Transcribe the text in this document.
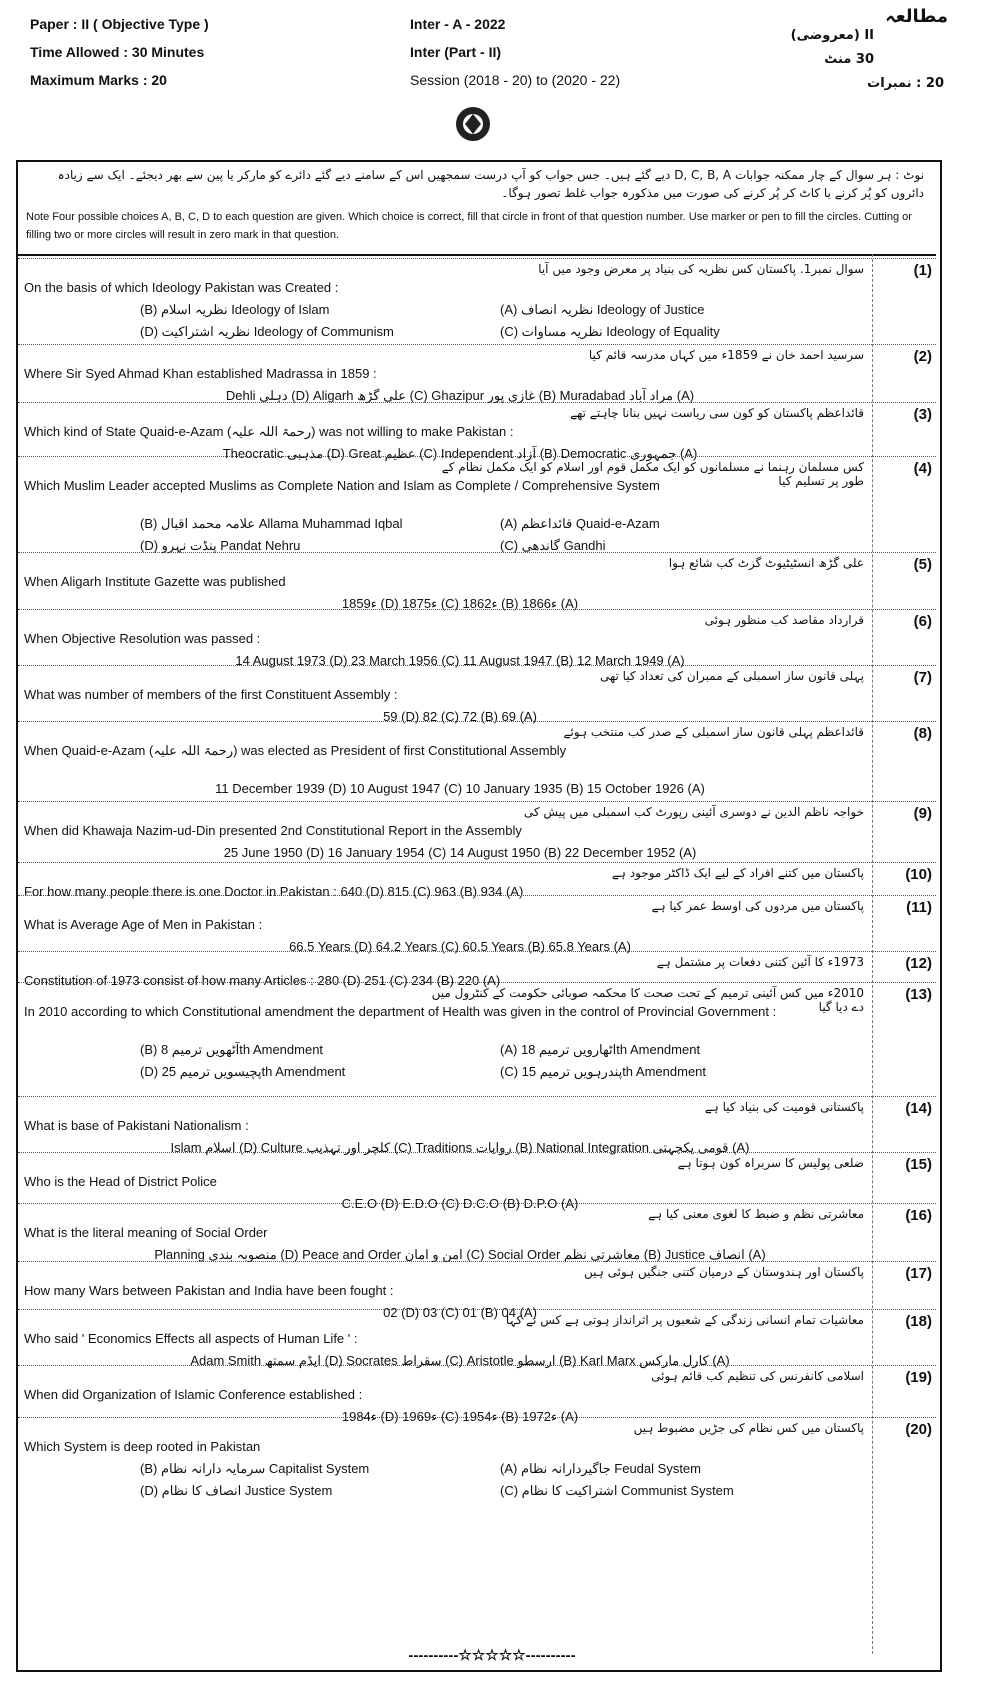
Paper : II ( Objective Type )
Time Allowed : 30 Minutes
Maximum Marks : 20
Inter - A - 2022
Inter (Part - II)
Session (2018 - 20) to (2020 - 22)
مطالعہ
II (معروضی)
30 منٹ
20 : نمبرات
نوٹ : ہر سوال کے چار ممکنہ جوابات D, C, B, A دیے گئے ہیں۔ جس جواب کو آپ درست سمجھیں اس کے سامنے دیے گئے دائرے کو مارکر یا پین سے بھر دیجئے۔ ایک سے زیادہ دائروں کو پُر کرنے یا کاٹ کر پُر کرنے کی صورت میں مذکورہ جواب غلط تصور ہوگا۔
Note Four possible choices A, B, C, D to each question are given. Which choice is correct, fill that circle in front of that question number. Use marker or pen to fill the circles. Cutting or filling two or more circles will result in zero mark in that question.
(1)
سوال نمبر1. پاکستان کس نظریہ کی بنیاد پر معرض وجود میں آیا
On the basis of which Ideology Pakistan was Created :
(A) نظریہ انصاف Ideology of Justice
(B) نظریہ اسلام Ideology of Islam
(C) نظریہ مساوات Ideology of Equality
(D) نظریہ اشتراکیت Ideology of Communism
(2)
سرسید احمد خان نے 1859ء میں کہاں مدرسہ قائم کیا
Where Sir Syed Ahmad Khan established Madrassa in 1859 :
Dehli دہلی (D) Aligarh علی گڑھ (C) Ghazipur غازی پور (B) Muradabad مراد آباد (A)
(3)
قائداعظم پاکستان کو کون سی ریاست نہیں بنانا چاہتے تھے
Which kind of State Quaid-e-Azam (رحمۃ اللہ علیہ) was not willing to make Pakistan :
Theocratic مذہبی (D) Great عظیم (C) Independent آزاد (B) Democratic جمہوری (A)
(4)
کس مسلمان رہنما نے مسلمانوں کو ایک مکمل قوم اور اسلام کو ایک مکمل نظام کے طور پر تسلیم کیا
Which Muslim Leader accepted Muslims as Complete Nation and Islam as Complete / Comprehensive System
(A) قائداعظم Quaid-e-Azam
(B) علامہ محمد اقبال Allama Muhammad Iqbal
(C) گاندھی Gandhi
(D) پنڈت نہرو Pandat Nehru
(5)
علی گڑھ انسٹیٹیوٹ گزٹ کب شائع ہوا
When Aligarh Institute Gazette was published
1859ء (D) 1875ء (C) 1862ء (B) 1866ء (A)
(6)
قرارداد مقاصد کب منظور ہوئی
When Objective Resolution was passed :
14 August 1973 (D) 23 March 1956 (C) 11 August 1947 (B) 12 March 1949 (A)
(7)
پہلی قانون ساز اسمبلی کے ممبران کی تعداد کیا تھی
What was number of members of the first Constituent Assembly :
59 (D) 82 (C) 72 (B) 69 (A)
(8)
قائداعظم پہلی قانون ساز اسمبلی کے صدر کب منتخب ہوئے
When Quaid-e-Azam (رحمۃ اللہ علیہ) was elected as President of first Constitutional Assembly
11 December 1939 (D) 10 August 1947 (C) 10 January 1935 (B) 15 October 1926 (A)
(9)
خواجہ ناظم الدین نے دوسری آئینی رپورٹ کب اسمبلی میں پیش کی
When did Khawaja Nazim-ud-Din presented 2nd Constitutional Report in the Assembly
25 June 1950 (D) 16 January 1954 (C) 14 August 1950 (B) 22 December 1952 (A)
(10)
پاکستان میں کتنے افراد کے لیے ایک ڈاکٹر موجود ہے
For how many people there is one Doctor in Pakistan : 640 (D) 815 (C) 963 (B) 934 (A)
(11)
پاکستان میں مردوں کی اوسط عمر کیا ہے
What is Average Age of Men in Pakistan :
66.5 Years (D) 64.2 Years (C) 60.5 Years (B) 65.8 Years (A)
(12)
1973ء کا آئین کتنی دفعات پر مشتمل ہے
Constitution of 1973 consist of how many Articles : 280 (D) 251 (C) 234 (B) 220 (A)
(13)
2010ء میں کس آئینی ترمیم کے تحت صحت کا محکمہ صوبائی حکومت کے کنٹرول میں دے دیا گیا
In 2010 according to which Constitutional amendment the department of Health was given in the control of Provincial Government :
(A) اٹھارویں ترمیم 18th Amendment
(B) آٹھویں ترمیم 8th Amendment
(C) پندرہویں ترمیم 15th Amendment
(D) پچیسویں ترمیم 25th Amendment
(14)
پاکستانی قومیت کی بنیاد کیا ہے
What is base of Pakistani Nationalism :
Islam اسلام (D) Culture کلچر اور تہذیب (C) Traditions روایات (B) National Integration قومی یکجہتی (A)
(15)
ضلعی پولیس کا سربراہ کون ہوتا ہے
Who is the Head of District Police
C.E.O (D) E.D.O (C) D.C.O (B) D.P.O (A)
(16)
معاشرتی نظم و ضبط کا لغوی معنی کیا ہے
What is the literal meaning of Social Order
Planning منصوبہ بندی (D) Peace and Order امن و امان (C) Social Order معاشرتی نظم (B) Justice انصاف (A)
(17)
پاکستان اور ہندوستان کے درمیان کتنی جنگیں ہوئی ہیں
How many Wars between Pakistan and India have been fought :
02 (D) 03 (C) 01 (B) 04 (A)
(18)
معاشیات تمام انسانی زندگی کے شعبوں پر اثرانداز ہوتی ہے کس نے کہا
Who said ' Economics Effects all aspects of Human Life ' :
Adam Smith ایڈم سمتھ (D) Socrates سقراط (C) Aristotle ارسطو (B) Karl Marx کارل مارکس (A)
(19)
اسلامی کانفرنس کی تنظیم کب قائم ہوئی
When did Organization of Islamic Conference established :
1984ء (D) 1969ء (C) 1954ء (B) 1972ء (A)
(20)
پاکستان میں کس نظام کی جڑیں مضبوط ہیں
Which System is deep rooted in Pakistan
(A) جاگیردارانہ نظام Feudal System
(B) سرمایہ دارانہ نظام Capitalist System
(C) اشتراکیت کا نظام Communist System
(D) انصاف کا نظام Justice System
----------☆☆☆☆☆----------
